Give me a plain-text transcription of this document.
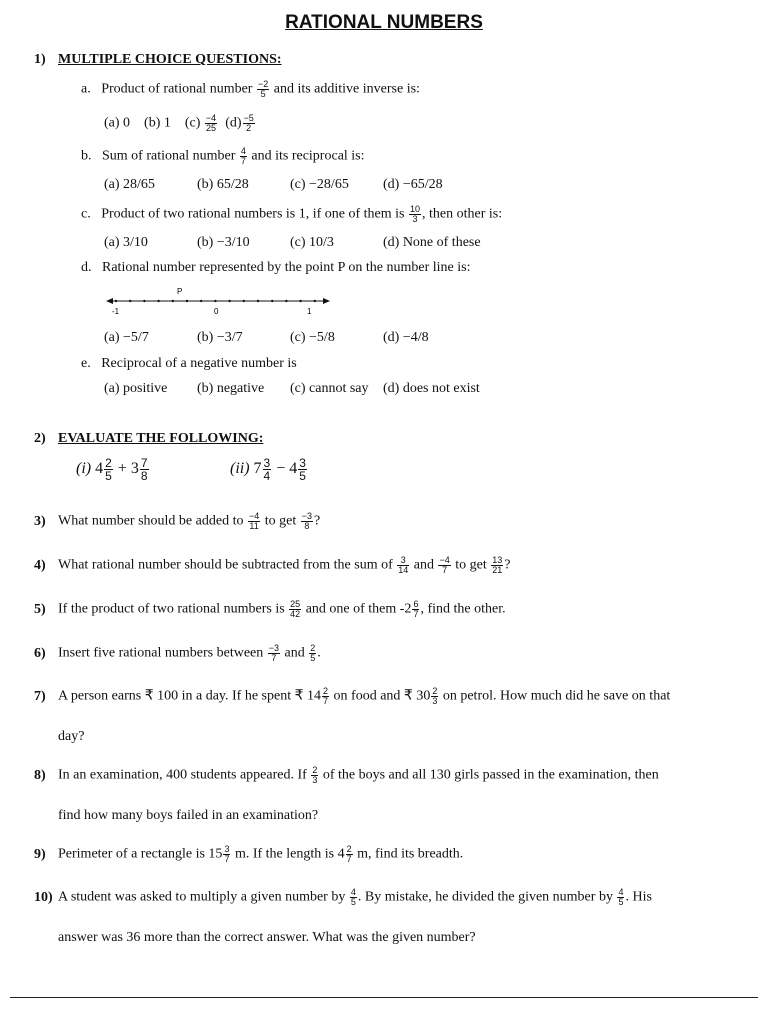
RATIONAL NUMBERS
1) MULTIPLE CHOICE QUESTIONS:
a. Product of rational number $\frac{-2}{5}$ and its additive inverse is:
(a) 0 (b) 1 $(c) \frac{-4}{25} (d) \frac{-5}{2}$
b. Sum of rational number $\frac{4}{7}$ and its reciprocal is:
(a) 28/65	(b) 65/28	(c) −28/65 (d) −65/28
c. Product of two rational numbers is 1, if one of them is $\frac{10}{3}$ , then other is:
(a) 3/10	(b) −3/10	(c) 10/3	(d) None of these
d. Rational number represented by the point P on the number line is:
P
-1	0	1
(a) −5/7	(b) −3/7	(c) −5/8	(d) −4/8
e. Reciprocal of a negative number is
(a) positive (b) negative (c) cannot say (d) does not exist
2) EVALUATE THE FOLLOWING:
(i) $4 \frac{2}{5} + 3 \frac{7}{8}$	(ii) $7 \frac{3}{4} - 4 \frac{3}{5}$
3) What number should be added to $\frac{-4}{11}$ to get $\frac{-3}{8}$ ?
4) What rational number should be subtracted from the sum of $\frac{3}{14}$ and $\frac{-4}{7}$ to get $\frac{13}{21}$ ?
5) If the product of two rational numbers is $\frac{25}{42}$ and one of them $-2 \frac{6}{7}$ , find the other.
6) Insert five rational numbers between $\frac{-3}{7}$ and $\frac{2}{5}$ .
7) A person earns ₹ 100 in a day. If he spent ₹ $14 \frac{2}{7}$ on food and ₹ $30 \frac{2}{3}$ on petrol. How much did he save on that
day?
8) In an examination, 400 students appeared. If $\frac{2}{3}$ of the boys and all 130 girls passed in the examination, then
find how many boys failed in an examination?
9) Perimeter of a rectangle is $15 \frac{3}{7} m$. If the length is $4 \frac{2}{7} m$, find its breadth.
10) A student was asked to multiply a given number by $\frac{4}{5}$ . By mistake, he divided the given number by $\frac{4}{5}$ . His
answer was 36 more than the correct answer. What was the given number?
